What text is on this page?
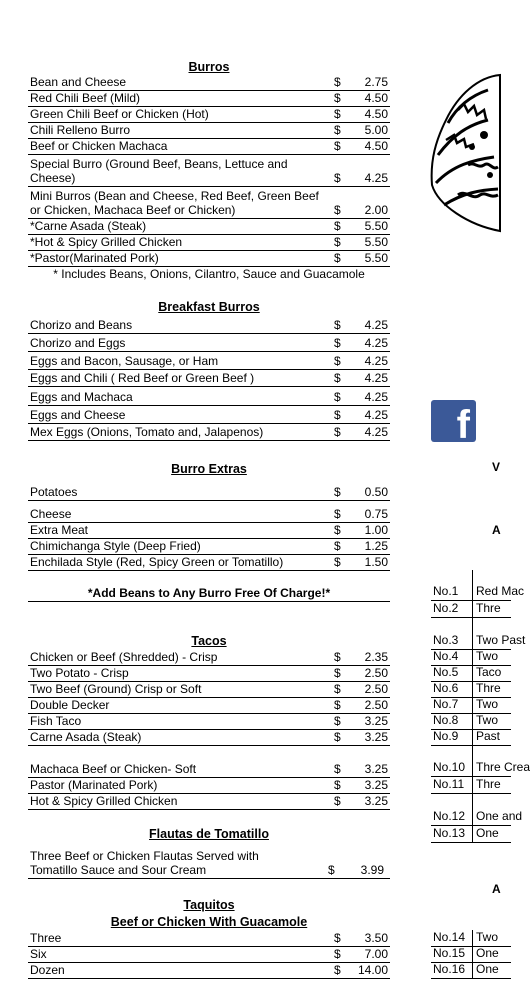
Burros
Bean and Cheese	$ 2.75
Red Chili Beef (Mild)	$ 4.50
Green Chili Beef or Chicken (Hot)	$ 4.50
Chili Relleno Burro	$ 5.00
Beef or Chicken Machaca	$ 4.50
Special Burro (Ground Beef, Beans, Lettuce and Cheese)	$ 4.25
Mini Burros (Bean and Cheese, Red Beef, Green Beef or Chicken, Machaca Beef or Chicken)	$ 2.00
*Carne Asada (Steak)	$ 5.50
*Hot & Spicy Grilled Chicken	$ 5.50
*Pastor(Marinated Pork)	$ 5.50
* Includes Beans, Onions, Cilantro, Sauce and Guacamole
Breakfast Burros
Chorizo and Beans	$ 4.25
Chorizo and Eggs	$ 4.25
Eggs and Bacon, Sausage, or Ham	$ 4.25
Eggs and Chili ( Red Beef or Green Beef )	$ 4.25
Eggs and Machaca	$ 4.25
Eggs and Cheese	$ 4.25
Mex Eggs (Onions, Tomato and, Jalapenos)	$ 4.25
Burro Extras
Potatoes	$ 0.50
Cheese	$ 0.75
Extra Meat	$ 1.00
Chimichanga Style (Deep Fried)	$ 1.25
Enchilada Style (Red, Spicy Green or Tomatillo)	$ 1.50
*Add Beans to Any Burro Free Of Charge!*
Tacos
Chicken or Beef (Shredded) - Crisp	$ 2.35
Two Potato - Crisp	$ 2.50
Two Beef (Ground) Crisp or Soft	$ 2.50
Double Decker	$ 2.50
Fish Taco	$ 3.25
Carne Asada (Steak)	$ 3.25
Machaca Beef or Chicken- Soft	$ 3.25
Pastor (Marinated Pork)	$ 3.25
Hot & Spicy Grilled Chicken	$ 3.25
Flautas de Tomatillo
Three Beef or Chicken Flautas Served with Tomatillo Sauce and Sour Cream	$ 3.99
Taquitos
Beef or Chicken With Guacamole
Three	$ 3.50
Six	$ 7.00
Dozen	$ 14.00
f
V
A
A
No.1 Red Mac
No.2 Thre
No.3 Two Past
No.4 Two
No.5 Taco
No.6 Thre
No.7 Two
No.8 Two
No.9 Past
No.10 Thre Crea
No.11 Thre
No.12 One and
No.13 One
No.14 Two
No.15 One
No.16 One
